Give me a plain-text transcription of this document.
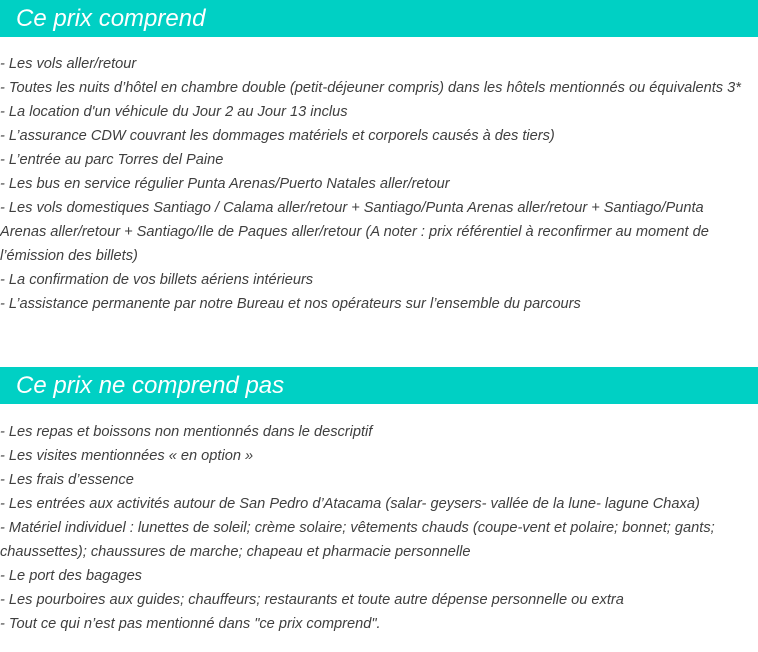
Ce prix comprend
- Les vols aller/retour
- Toutes les nuits d’hôtel en chambre double (petit-déjeuner compris) dans les hôtels mentionnés ou équivalents 3*
- La location d'un véhicule du Jour 2 au Jour 13 inclus
- L’assurance CDW couvrant les dommages matériels et corporels causés à des tiers)
- L’entrée au parc Torres del Paine
- Les bus en service régulier Punta Arenas/Puerto Natales aller/retour
- Les vols domestiques Santiago / Calama aller/retour + Santiago/Punta Arenas aller/retour + Santiago/Punta Arenas aller/retour + Santiago/Ile de Paques aller/retour (A noter : prix référentiel à reconfirmer au moment de l’émission des billets)
- La confirmation de vos billets aériens intérieurs
- L’assistance permanente par notre Bureau et nos opérateurs sur l’ensemble du parcours
Ce prix ne comprend pas
- Les repas et boissons non mentionnés dans le descriptif
- Les visites mentionnées « en option »
- Les frais d’essence
- Les entrées aux activités autour de San Pedro d’Atacama (salar- geysers- vallée de la lune- lagune Chaxa)
- Matériel individuel : lunettes de soleil; crème solaire; vêtements chauds (coupe-vent et polaire; bonnet; gants; chaussettes); chaussures de marche; chapeau et pharmacie personnelle
- Le port des bagages
- Les pourboires aux guides; chauffeurs; restaurants et toute autre dépense personnelle ou extra
- Tout ce qui n’est pas mentionné dans "ce prix comprend".
